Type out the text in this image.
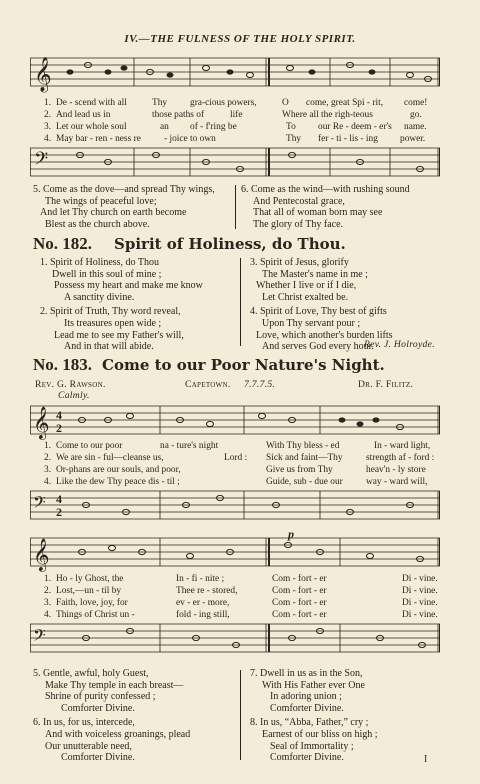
IV.—THE FULNESS OF THE HOLY SPIRIT.
𝄞
1. De - scend with all	Thy gra-cious powers,	O come, great Spi - rit, come!
2. And lead us in	those paths of	life	Where all the righ-teous	go.
3. Let our whole soul	an of - f'ring be	To our Re - deem - er's name.
4. May bar - ren - ness re - joice to own	Thy fer - ti - lis - ing power.
𝄢
5. Come as the dove—and spread Thy wings,
The wings of peaceful love;
And let Thy church on earth become
Blest as the church above.
6. Come as the wind—with rushing sound
And Pentecostal grace,
That all of woman born may see
The glory of Thy face.
No. 182. Spirit of Holiness, do Thou.
1. Spirit of Holiness, do Thou
Dwell in this soul of mine ;
Possess my heart and make me know
A sanctity divine.
2. Spirit of Truth, Thy word reveal,
Its treasures open wide ;
Lead me to see my Father's will,
And in that will abide.
3. Spirit of Jesus, glorify
The Master's name in me ;
Whether I live or if I die,
Let Christ exalted be.
4. Spirit of Love, Thy best of gifts
Upon Thy servant pour ;
Love, which another's burden lifts
And serves God every hour.
Rev. J. Holroyde.
No. 183. Come to our Poor Nature's Night.
Rev. G. Rawson.	Capetown. 7.7.7.5.	Dr. F. Filitz.
Calmly.
𝄞 4
2
1. Come to our poor	na - ture's night	With Thy bless - ed	In - ward light,
2. We are sin - ful—cleanse us,	Lord : Sick and faint—Thy strength af - ford :
3. Or-phans are our souls, and poor,	Give us from Thy	heav'n - ly store
4. Like the dew Thy peace dis - til ;	Guide, sub - due our way - ward will,
𝄢 4
2
p
𝄞
1. Ho - ly Ghost, the	In - fi - nite ;	Com - fort - er	Di - vine.
2. Lost,—un - til by	Thee re - stored,	Com - fort - er	Di - vine.
3. Faith, love, joy, for	ev - er - more,	Com - fort - er	Di - vine.
4. Things of Christ un -	fold - ing still,	Com - fort - er	Di - vine.
𝄢
5. Gentle, awful, holy Guest,
Make Thy temple in each breast—
Shrine of purity confessed ;
Comforter Divine.
6. In us, for us, intercede,
And with voiceless groanings, plead
Our unutterable need,
Comforter Divine.
7. Dwell in us as in the Son,
With His Father ever One
In adoring union ;
Comforter Divine.
8. In us, “Abba, Father,” cry ;
Earnest of our bliss on high ;
Seal of Immortality ;
Comforter Divine.	I
